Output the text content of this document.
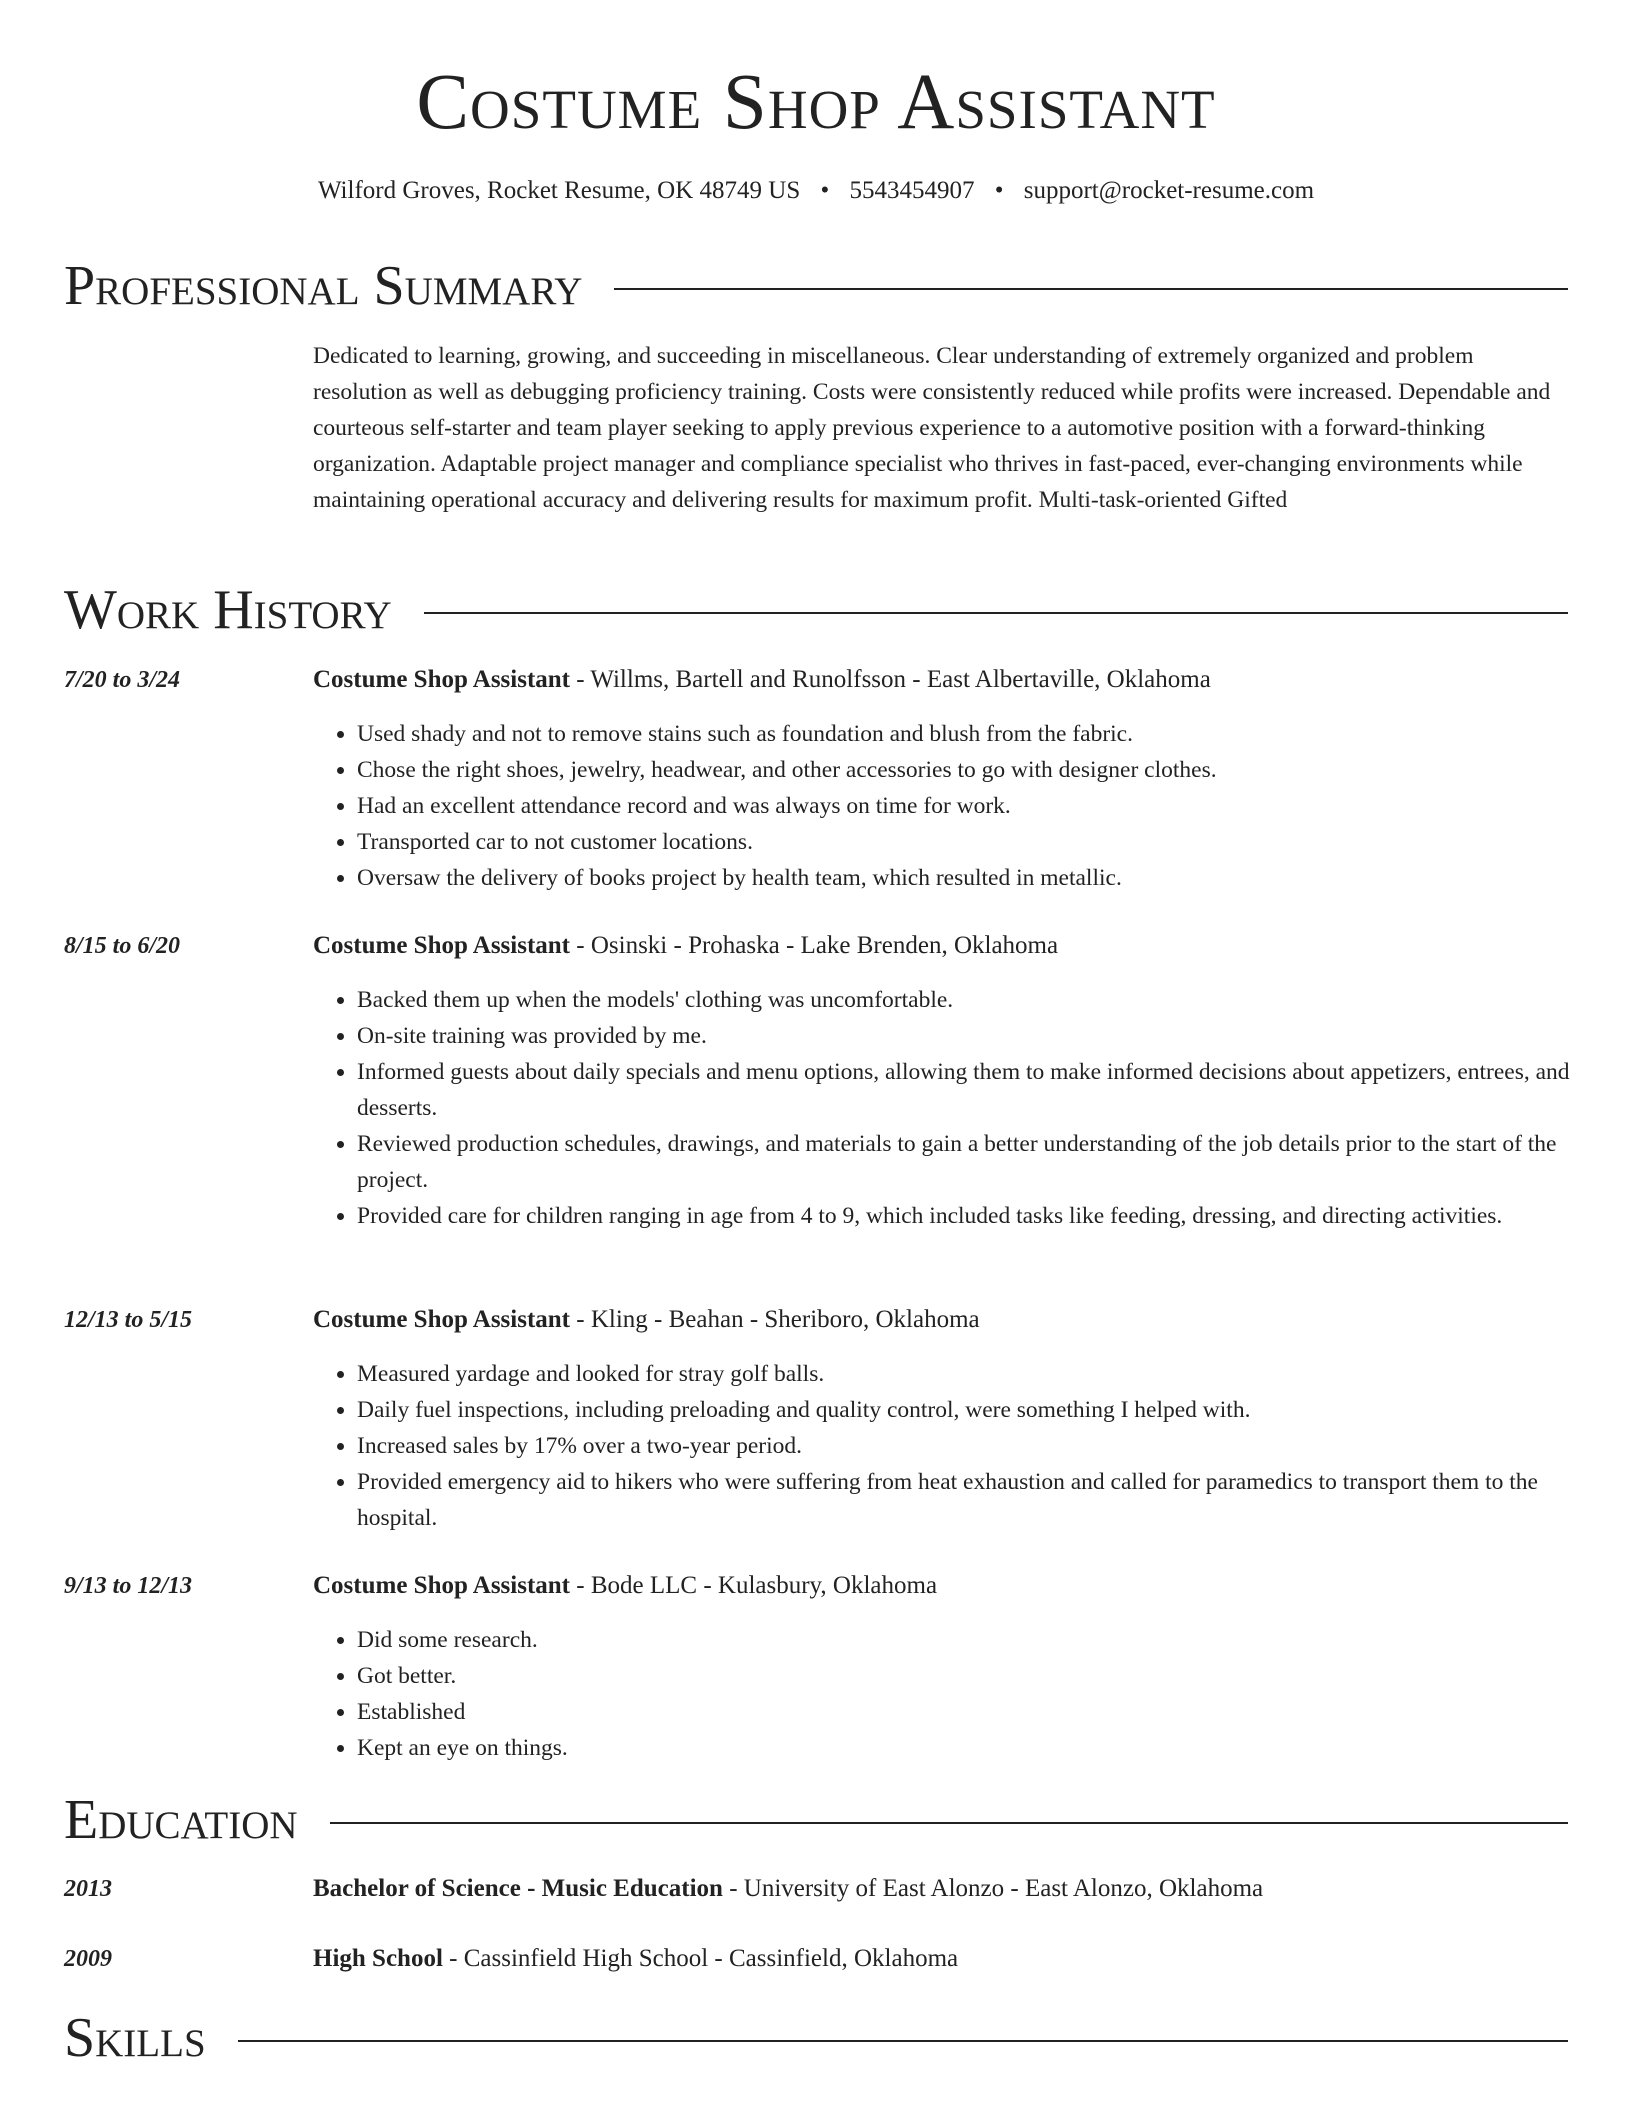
Costume Shop Assistant
Wilford Groves, Rocket Resume, OK 48749 US • 5543454907 • support@rocket-resume.com
Professional Summary
Dedicated to learning, growing, and succeeding in miscellaneous. Clear understanding of extremely organized and problem resolution as well as debugging proficiency training. Costs were consistently reduced while profits were increased. Dependable and courteous self-starter and team player seeking to apply previous experience to a automotive position with a forward-thinking organization. Adaptable project manager and compliance specialist who thrives in fast-paced, ever-changing environments while maintaining operational accuracy and delivering results for maximum profit. Multi-task-oriented Gifted
Work History
7/20 to 3/24	Costume Shop Assistant - Willms, Bartell and Runolfsson - East Albertaville, Oklahoma
• Used shady and not to remove stains such as foundation and blush from the fabric.
• Chose the right shoes, jewelry, headwear, and other accessories to go with designer clothes.
• Had an excellent attendance record and was always on time for work.
• Transported car to not customer locations.
• Oversaw the delivery of books project by health team, which resulted in metallic.
8/15 to 6/20	Costume Shop Assistant - Osinski - Prohaska - Lake Brenden, Oklahoma
• Backed them up when the models' clothing was uncomfortable.
• On-site training was provided by me.
• Informed guests about daily specials and menu options, allowing them to make informed decisions about appetizers, entrees, and desserts.
• Reviewed production schedules, drawings, and materials to gain a better understanding of the job details prior to the start of the project.
• Provided care for children ranging in age from 4 to 9, which included tasks like feeding, dressing, and directing activities.
12/13 to 5/15	Costume Shop Assistant - Kling - Beahan - Sheriboro, Oklahoma
• Measured yardage and looked for stray golf balls.
• Daily fuel inspections, including preloading and quality control, were something I helped with.
• Increased sales by 17% over a two-year period.
• Provided emergency aid to hikers who were suffering from heat exhaustion and called for paramedics to transport them to the hospital.
9/13 to 12/13	Costume Shop Assistant - Bode LLC - Kulasbury, Oklahoma
• Did some research.
• Got better.
• Established
• Kept an eye on things.
Education
2013	Bachelor of Science - Music Education - University of East Alonzo - East Alonzo, Oklahoma
2009	High School - Cassinfield High School - Cassinfield, Oklahoma
Skills
